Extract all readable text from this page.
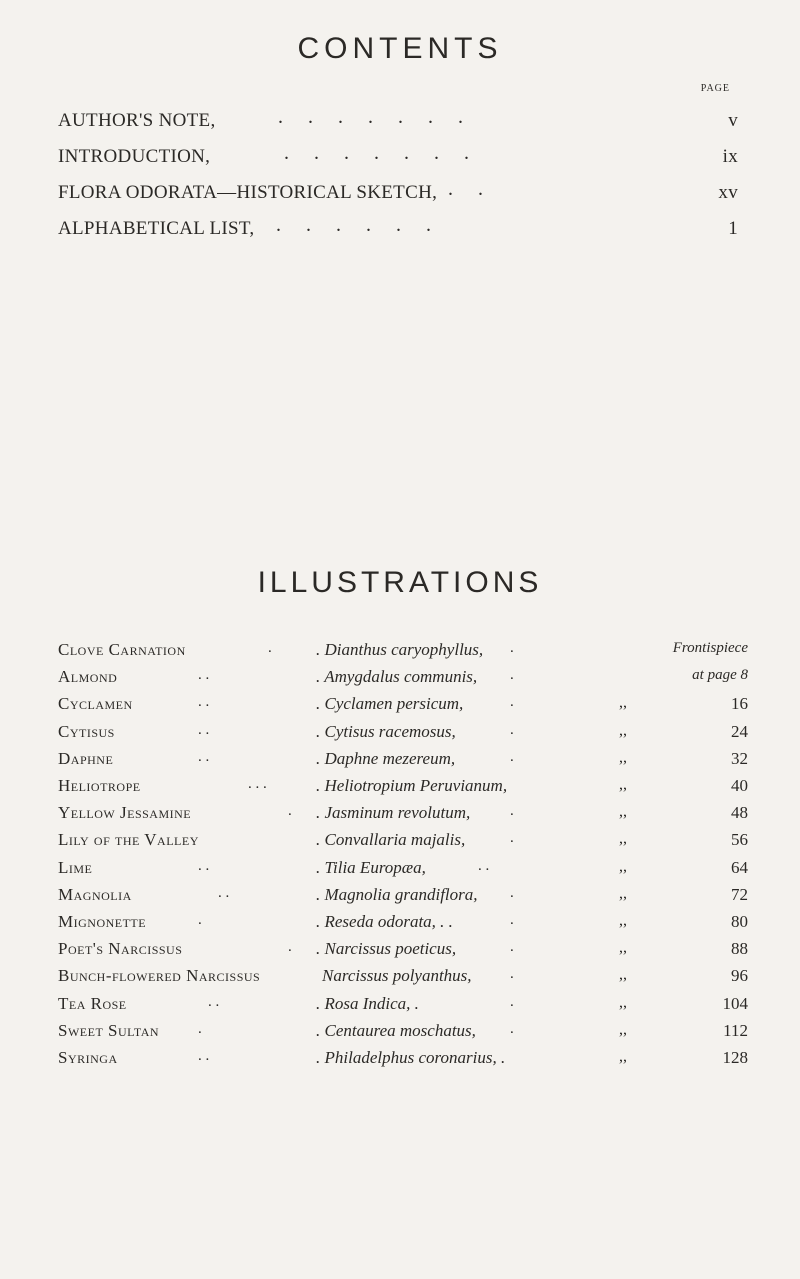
CONTENTS
PAGE
AUTHOR'S NOTE,	. . . . . . .	v
INTRODUCTION,	. . . . . . .	ix
FLORA ODORATA—HISTORICAL SKETCH, . .	xv
ALPHABETICAL LIST, . . . . . .	1
ILLUSTRATIONS
Clove Carnation	.	. Dianthus caryophyllus, .	Frontispiece
Almond	. .	. Amygdalus communis, .	at page 8
Cyclamen	. .	. Cyclamen persicum,	.	,,	16
Cytisus	. .	. Cytisus racemosus,	.	,,	24
Daphne	. .	. Daphne mezereum,	.	,,	32
Heliotrope	. . .	. Heliotropium Peruvianum,	,,	40
Yellow Jessamine	. . Jasminum revolutum,	.	,,	48
Lily of the Valley	. Convallaria majalis,	.	,,	56
Lime	. .	. Tilia Europæa,	. .	,,	64
Magnolia	. .	. Magnolia grandiflora, .	,,	72
Mignonette	.	. Reseda odorata, . .	.	,,	80
Poet's Narcissus	. . Narcissus poeticus,	.	,,	88
Bunch-flowered Narcissus	Narcissus polyanthus,	.	,,	96
Tea Rose	. .	. Rosa Indica, .	.	,,	104
Sweet Sultan	.	. Centaurea moschatus, .	,,	112
Syringa	. .	. Philadelphus coronarius, .	,,	128
